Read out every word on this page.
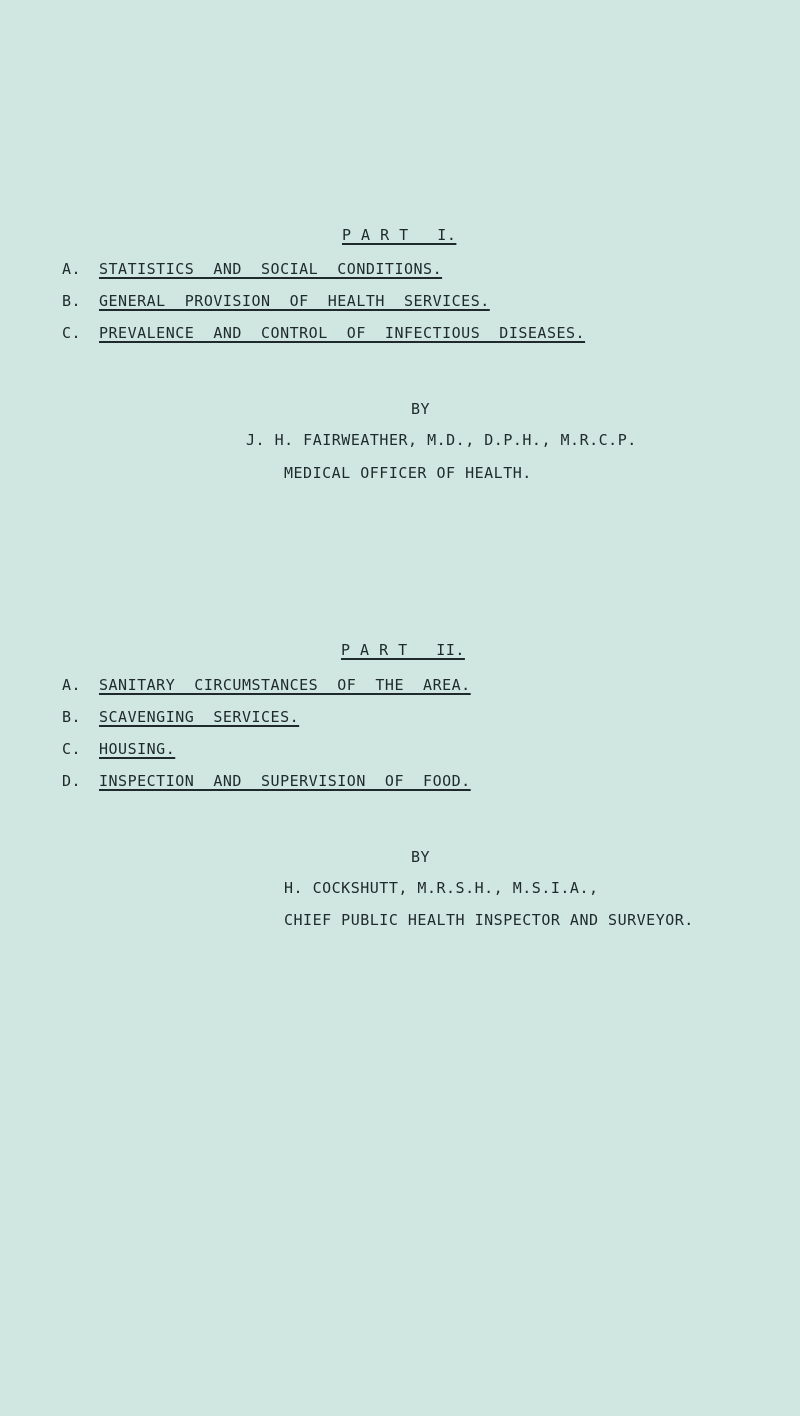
P A R T   I.
A. STATISTICS  AND  SOCIAL  CONDITIONS.
B. GENERAL  PROVISION  OF  HEALTH  SERVICES.
C. PREVALENCE  AND  CONTROL  OF  INFECTIOUS  DISEASES.
BY
J. H. FAIRWEATHER, M.D., D.P.H., M.R.C.P.
MEDICAL OFFICER OF HEALTH.
P A R T   II.
A. SANITARY  CIRCUMSTANCES  OF  THE  AREA.
B. SCAVENGING  SERVICES.
C. HOUSING.
D. INSPECTION  AND  SUPERVISION  OF  FOOD.
BY
H. COCKSHUTT, M.R.S.H., M.S.I.A.,
CHIEF PUBLIC HEALTH INSPECTOR AND SURVEYOR.
